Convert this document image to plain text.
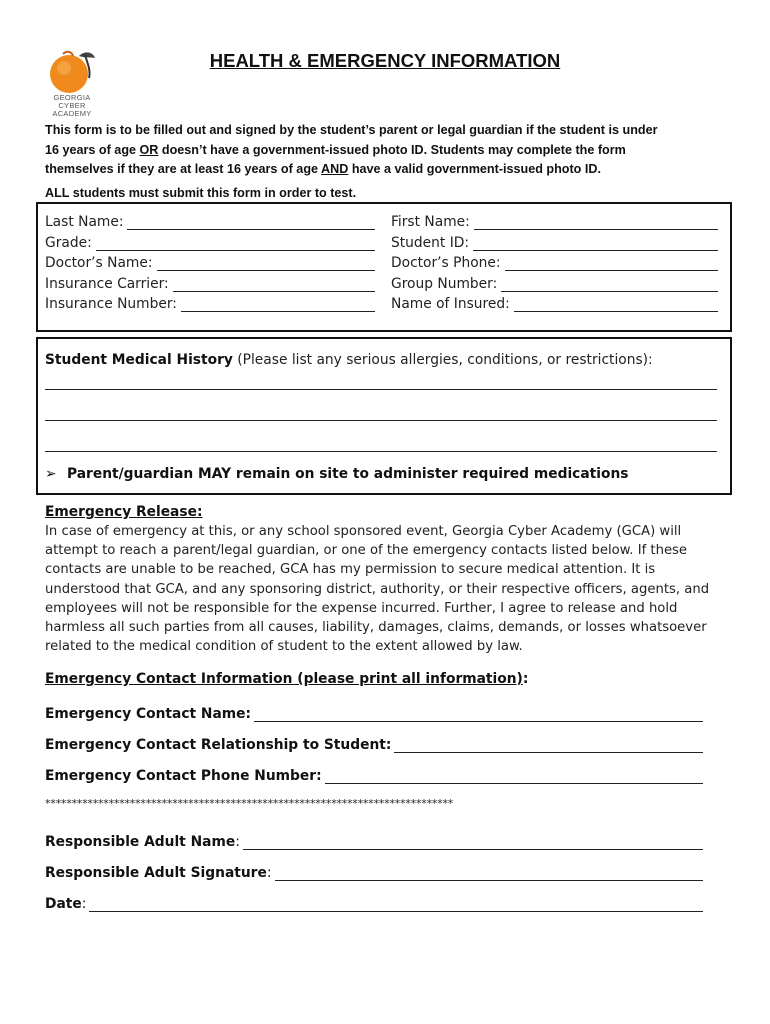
GEORGIA
CYBER
ACADEMY
HEALTH & EMERGENCY INFORMATION
This form is to be filled out and signed by the student’s parent or legal guardian if the student is under
16 years of age OR doesn’t have a government-issued photo ID. Students may complete the form
themselves if they are at least 16 years of age AND have a valid government-issued photo ID.
ALL students must submit this form in order to test.
Last Name:
Grade:
Doctor’s Name:
Insurance Carrier:
Insurance Number:
First Name:
Student ID:
Doctor’s Phone:
Group Number:
Name of Insured:
Student Medical History (Please list any serious allergies, conditions, or restrictions):
➢ Parent/guardian MAY remain on site to administer required medications
Emergency Release:
In case of emergency at this, or any school sponsored event, Georgia Cyber Academy (GCA) will
attempt to reach a parent/legal guardian, or one of the emergency contacts listed below. If these
contacts are unable to be reached, GCA has my permission to secure medical attention. It is
understood that GCA, and any sponsoring district, authority, or their respective officers, agents, and
employees will not be responsible for the expense incurred. Further, I agree to release and hold
harmless all such parties from all causes, liability, damages, claims, demands, or losses whatsoever
related to the medical condition of student to the extent allowed by law.
Emergency Contact Information (please print all information):
Emergency Contact Name:
Emergency Contact Relationship to Student:
Emergency Contact Phone Number:
*****************************************************************************
Responsible Adult Name:
Responsible Adult Signature:
Date:
